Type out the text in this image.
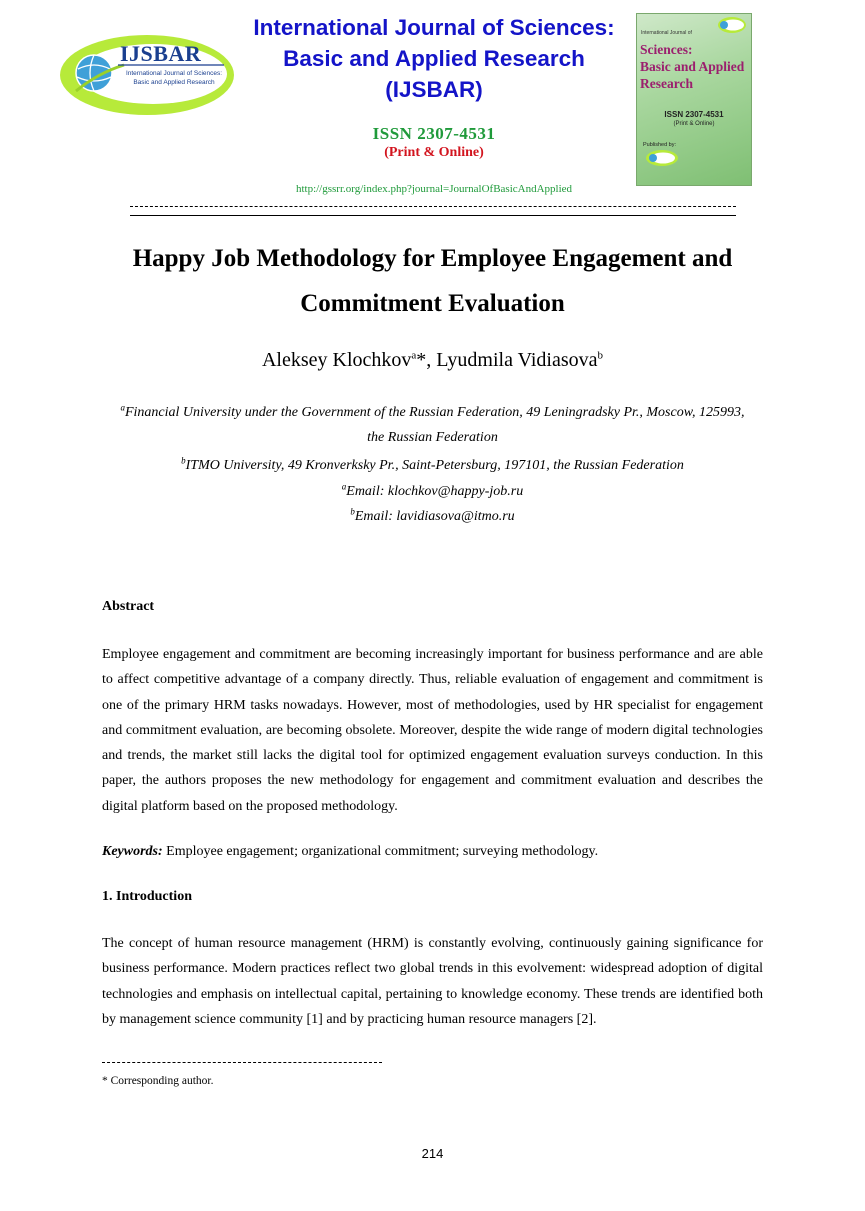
IJSBAR
International Journal of Sciences:
Basic and Applied Research
International Journal of Sciences:
Basic and Applied Research
(IJSBAR)
ISSN 2307-4531
(Print & Online)
http://gssrr.org/index.php?journal=JournalOfBasicAndApplied
International Journal of
Sciences:
Basic and Applied
Research
ISSN 2307-4531
(Print & Online)
Published by:
Happy Job Methodology for Employee Engagement and
Commitment Evaluation
Aleksey Klochkov$^a$*, Lyudmila Vidiasova$^b$
$^a$Financial University under the Government of the Russian Federation, 49 Leningradsky Pr., Moscow, 125993,
the Russian Federation
$^b$ITMO University, 49 Kronverksky Pr., Saint-Petersburg, 197101, the Russian Federation
$^a$Email: klochkov@happy-job.ru
$^b$Email: lavidiasova@itmo.ru
Abstract
Employee engagement and commitment are becoming increasingly important for business performance and are able to affect competitive advantage of a company directly. Thus, reliable evaluation of engagement and commitment is one of the primary HRM tasks nowadays. However, most of methodologies, used by HR specialist for engagement and commitment evaluation, are becoming obsolete. Moreover, despite the wide range of modern digital technologies and trends, the market still lacks the digital tool for optimized engagement evaluation surveys conduction. In this paper, the authors proposes the new methodology for engagement and commitment evaluation and describes the digital platform based on the proposed methodology.
Keywords: Employee engagement; organizational commitment; surveying methodology.
1. Introduction
The concept of human resource management (HRM) is constantly evolving, continuously gaining significance for business performance. Modern practices reflect two global trends in this evolvement: widespread adoption of digital technologies and emphasis on intellectual capital, pertaining to knowledge economy. These trends are identified both by management science community [1] and by practicing human resource managers [2].
* Corresponding author.
214
